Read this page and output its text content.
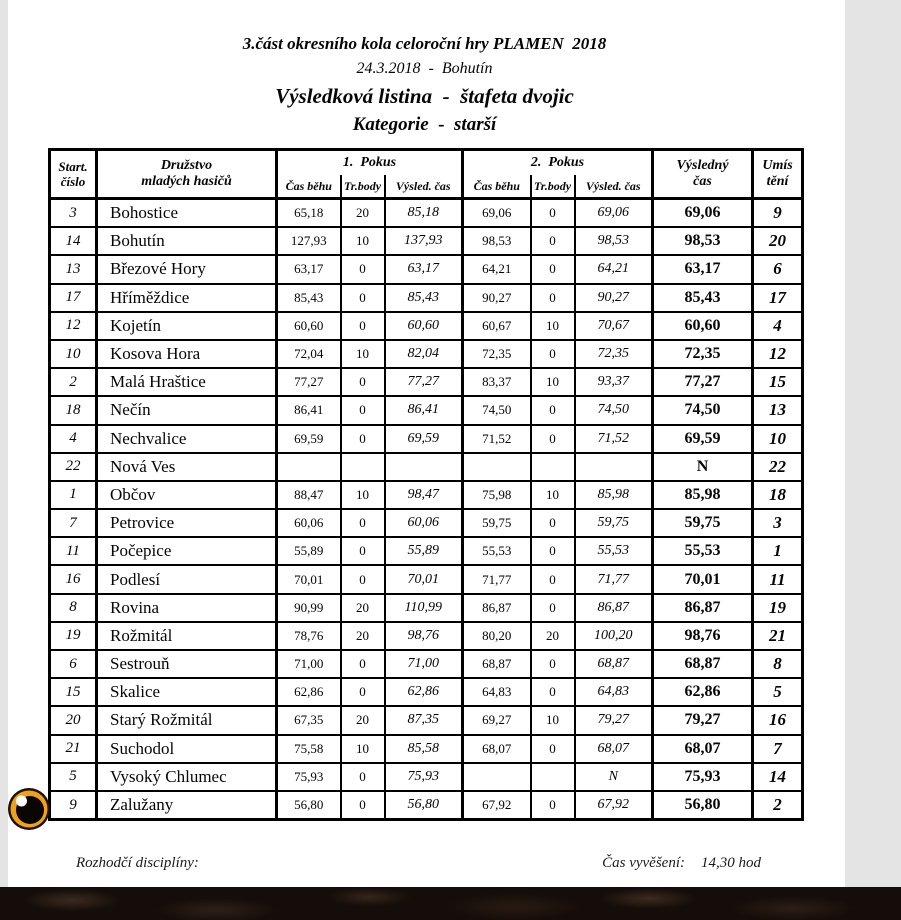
3.část okresního kola celoroční hry PLAMEN  2018
24.3.2018  -  Bohutín
Výsledková listina  -  štafeta dvojic
Kategorie  -  starší
Start.
číslo

Družstvo
mladých hasičů
	1.  Pokus	2.  Pokus	Výsledný
čas

Umís
tění

		Čas běhu	Tr.body	Výsled. čas	Čas běhu	Tr.body	Výsled. čas		
3	Bohostice	65,18	20	85,18	69,06	0	69,06	69,06	9
14	Bohutín	127,93	10	137,93	98,53	0	98,53	98,53	20
13	Březové Hory	63,17	0	63,17	64,21	0	64,21	63,17	6
17	Hříměždice	85,43	0	85,43	90,27	0	90,27	85,43	17
12	Kojetín	60,60	0	60,60	60,67	10	70,67	60,60	4
10	Kosova Hora	72,04	10	82,04	72,35	0	72,35	72,35	12
2	Malá Hraštice	77,27	0	77,27	83,37	10	93,37	77,27	15
18	Nečín	86,41	0	86,41	74,50	0	74,50	74,50	13
4	Nechvalice	69,59	0	69,59	71,52	0	71,52	69,59	10
22	Nová Ves							N	22
1	Občov	88,47	10	98,47	75,98	10	85,98	85,98	18
7	Petrovice	60,06	0	60,06	59,75	0	59,75	59,75	3
11	Počepice	55,89	0	55,89	55,53	0	55,53	55,53	1
16	Podlesí	70,01	0	70,01	71,77	0	71,77	70,01	11
8	Rovina	90,99	20	110,99	86,87	0	86,87	86,87	19
19	Rožmitál	78,76	20	98,76	80,20	20	100,20	98,76	21
6	Sestrouň	71,00	0	71,00	68,87	0	68,87	68,87	8
15	Skalice	62,86	0	62,86	64,83	0	64,83	62,86	5
20	Starý Rožmitál	67,35	20	87,35	69,27	10	79,27	79,27	16
21	Suchodol	75,58	10	85,58	68,07	0	68,07	68,07	7
5	Vysoký Chlumec	75,93	0	75,93			N	75,93	14
9	Zalužany	56,80	0	56,80	67,92	0	67,92	56,80	2
Rozhodčí disciplíny:	Čas vyvěšení: 14,30 hod
